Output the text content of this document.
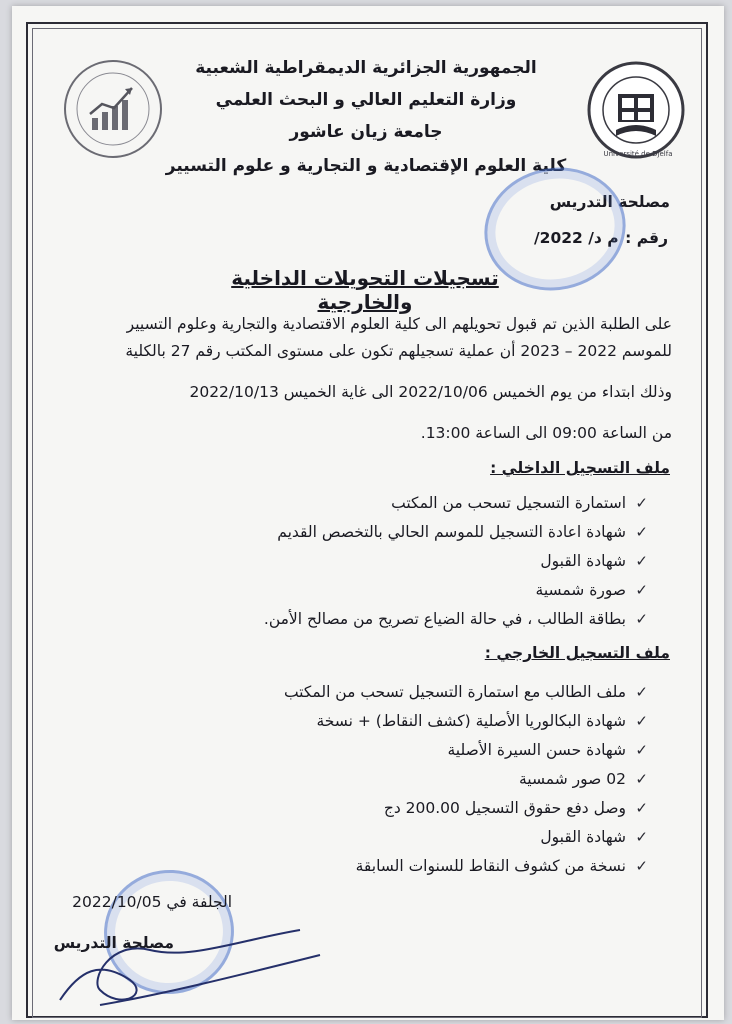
Université de Djelfa
الجمهورية الجزائرية الديمقراطية الشعبية
وزارة التعليم العالي و البحث العلمي
جامعة زيان عاشور
كلية العلوم الإقتصادية و التجارية و علوم التسيير
مصلحة التدريس
رقم :
/م د/ 2022
تسجيلات التحويلات الداخلية والخارجية
على الطلبة الذين تم قبول تحويلهم الى كلية العلوم الاقتصادية والتجارية وعلوم التسيير
للموسم 2022 – 2023 أن عملية تسجيلهم تكون على مستوى المكتب رقم 27 بالكلية
وذلك ابتداء من يوم الخميس 2022/10/06 الى غاية الخميس 2022/10/13
من الساعة 09:00 الى الساعة 13:00.
ملف التسجيل الداخلي :
✓استمارة التسجيل تسحب من المكتب
✓شهادة اعادة التسجيل للموسم الحالي بالتخصص القديم
✓شهادة القبول
✓صورة شمسية
✓بطاقة الطالب ، في حالة الضياع تصريح من مصالح الأمن.
ملف التسجيل الخارجي :
✓ملف الطالب مع استمارة التسجيل تسحب من المكتب
✓شهادة البكالوريا الأصلية (كشف النقاط) + نسخة
✓شهادة حسن السيرة الأصلية
✓02 صور شمسية
✓وصل دفع حقوق التسجيل 200.00 دج
✓شهادة القبول
✓نسخة من كشوف النقاط للسنوات السابقة
الجلفة في 2022/10/05
مصلحة التدريس
